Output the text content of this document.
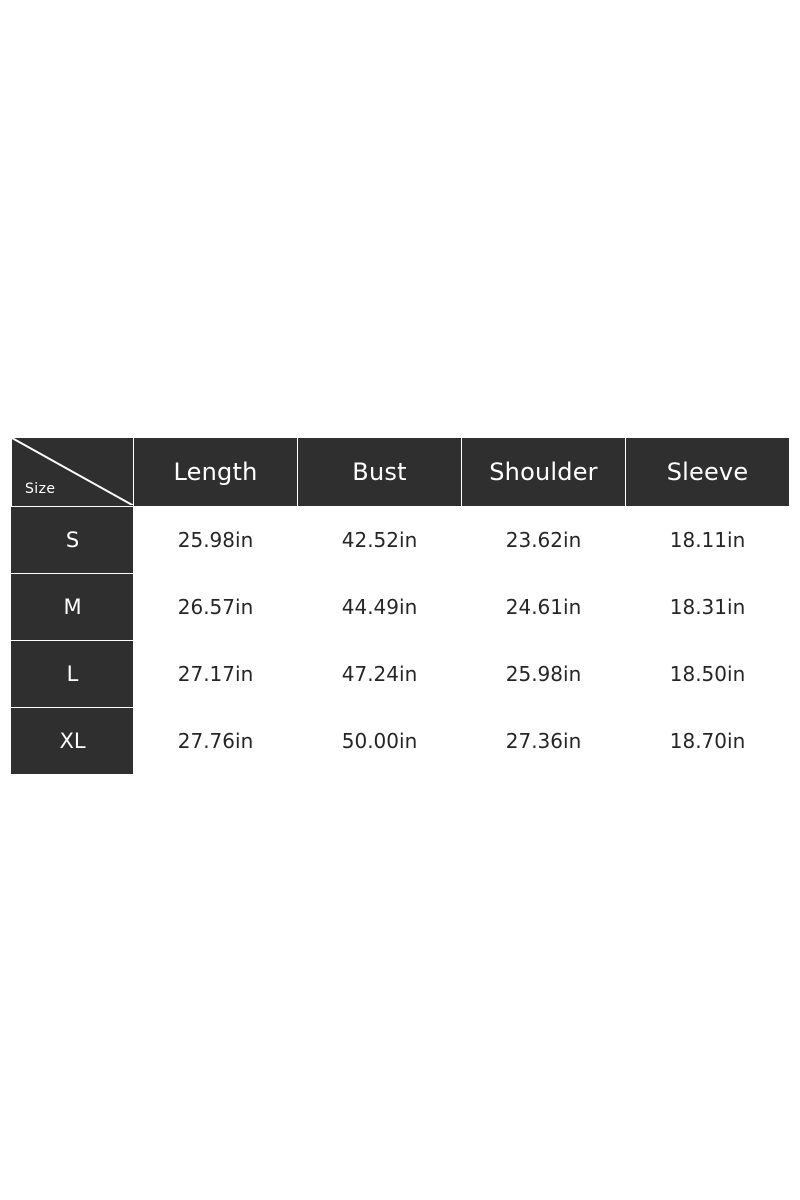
Size	Length	Bust	Shoulder	Sleeve
S	25.98in	42.52in	23.62in	18.11in
M	26.57in	44.49in	24.61in	18.31in
L	27.17in	47.24in	25.98in	18.50in
XL	27.76in	50.00in	27.36in	18.70in
